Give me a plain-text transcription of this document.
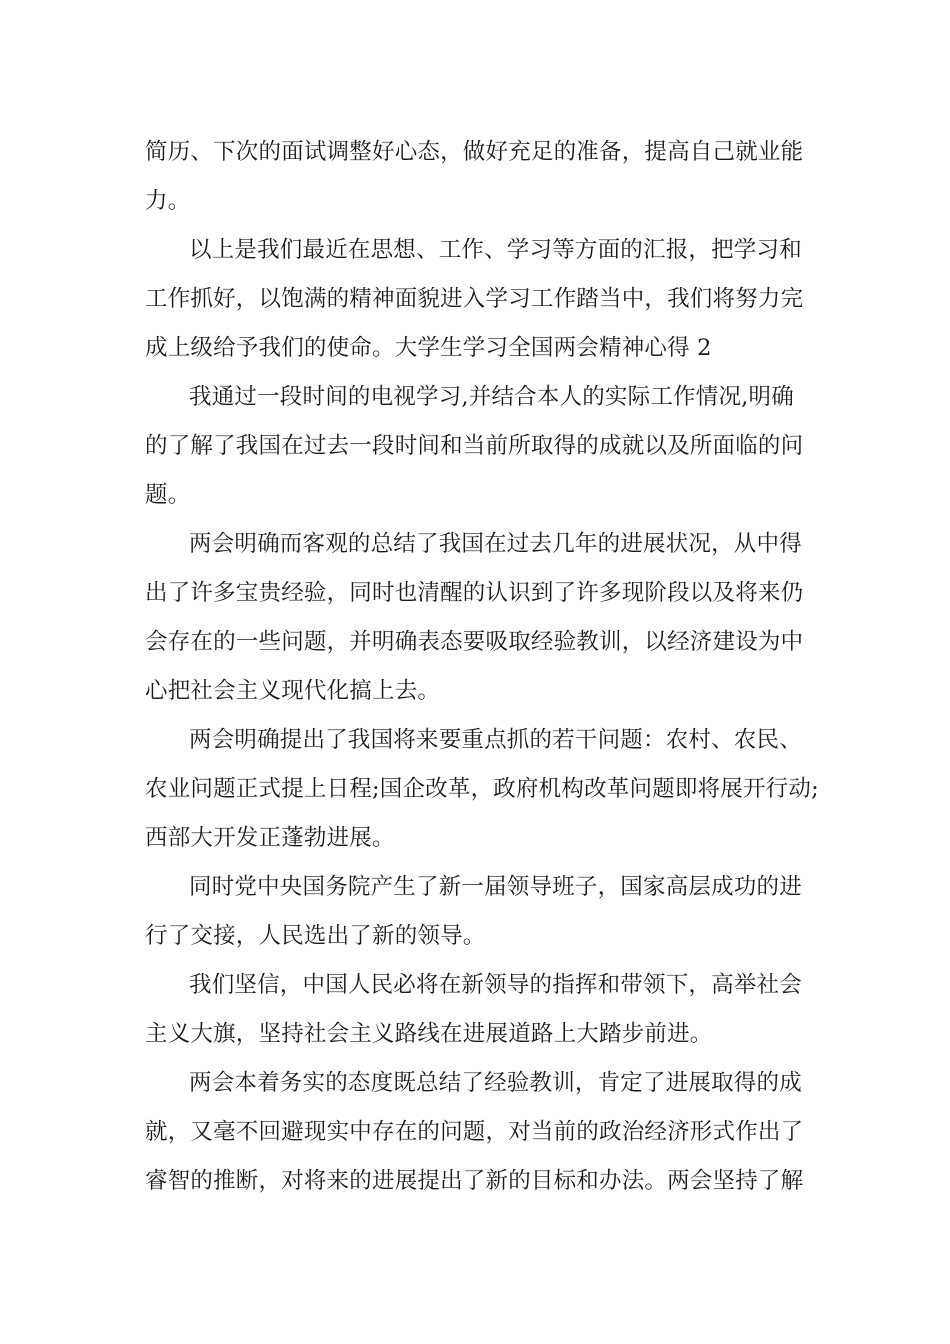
简历、下次的面试调整好心态，做好充足的准备，提高自己就业能
力。
以上是我们最近在思想、工作、学习等方面的汇报，把学习和
工作抓好，以饱满的精神面貌进入学习工作踏当中，我们将努力完
成上级给予我们的使命。大学生学习全国两会精神心得 2
我通过一段时间的电视学习,并结合本人的实际工作情况,明确
的了解了我国在过去一段时间和当前所取得的成就以及所面临的问
题。
两会明确而客观的总结了我国在过去几年的进展状况，从中得
出了许多宝贵经验，同时也清醒的认识到了许多现阶段以及将来仍
会存在的一些问题，并明确表态要吸取经验教训，以经济建设为中
心把社会主义现代化搞上去。
两会明确提出了我国将来要重点抓的若干问题：农村、农民、
农业问题正式提上日程;国企改革，政府机构改革问题即将展开行动;
西部大开发正蓬勃进展。
同时党中央国务院产生了新一届领导班子，国家高层成功的进
行了交接，人民选出了新的领导。
我们坚信，中国人民必将在新领导的指挥和带领下，高举社会
主义大旗，坚持社会主义路线在进展道路上大踏步前进。
两会本着务实的态度既总结了经验教训，肯定了进展取得的成
就，又毫不回避现实中存在的问题，对当前的政治经济形式作出了
睿智的推断，对将来的进展提出了新的目标和办法。两会坚持了解
